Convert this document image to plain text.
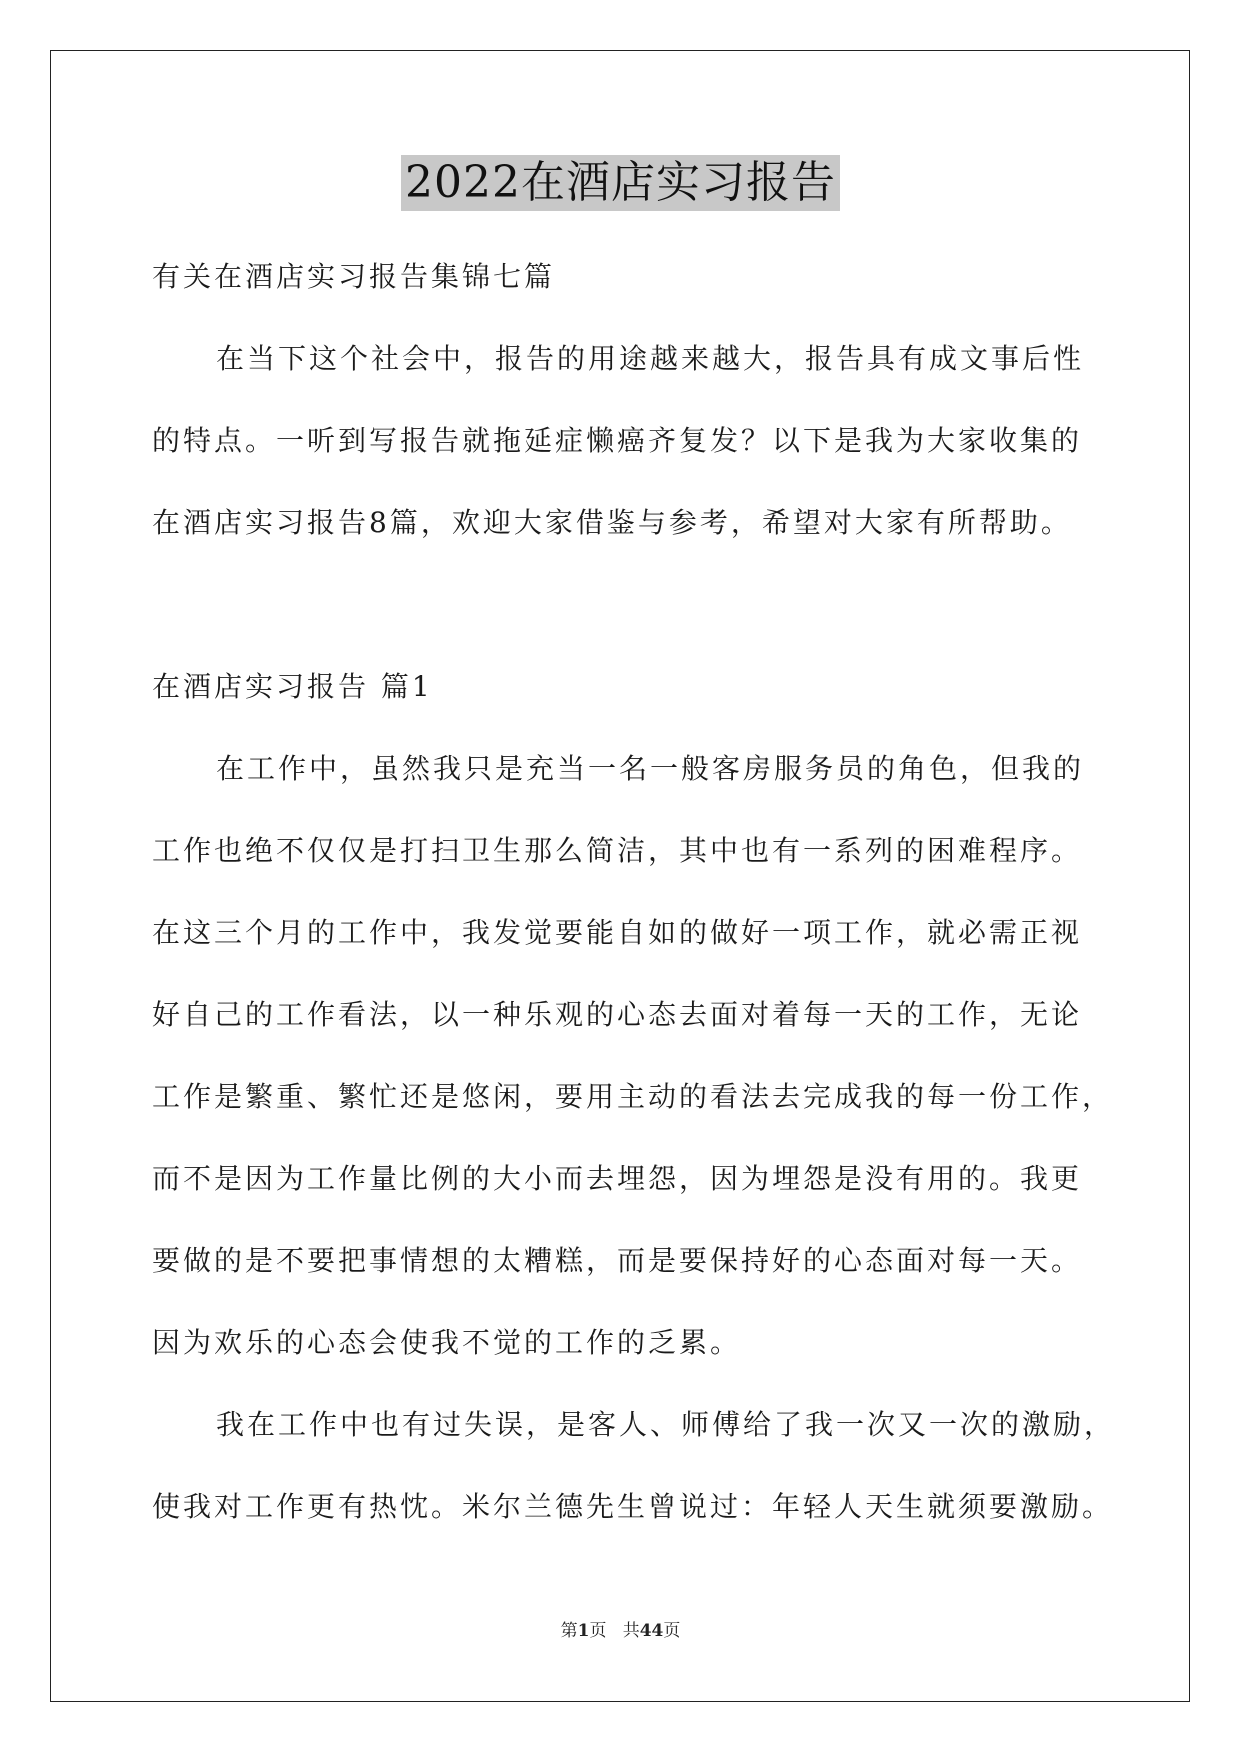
2022在酒店实习报告
有关在酒店实习报告集锦七篇
在当下这个社会中，报告的用途越来越大，报告具有成文事后性
的特点。一听到写报告就拖延症懒癌齐复发？以下是我为大家收集的
在酒店实习报告8篇，欢迎大家借鉴与参考，希望对大家有所帮助。
在酒店实习报告 篇1
在工作中，虽然我只是充当一名一般客房服务员的角色，但我的
工作也绝不仅仅是打扫卫生那么简洁，其中也有一系列的困难程序。
在这三个月的工作中，我发觉要能自如的做好一项工作，就必需正视
好自己的工作看法，以一种乐观的心态去面对着每一天的工作，无论
工作是繁重、繁忙还是悠闲，要用主动的看法去完成我的每一份工作，
而不是因为工作量比例的大小而去埋怨，因为埋怨是没有用的。我更
要做的是不要把事情想的太糟糕，而是要保持好的心态面对每一天。
因为欢乐的心态会使我不觉的工作的乏累。
我在工作中也有过失误，是客人、师傅给了我一次又一次的激励，
使我对工作更有热忱。米尔兰德先生曾说过：年轻人天生就须要激励。
第1页 共44页
